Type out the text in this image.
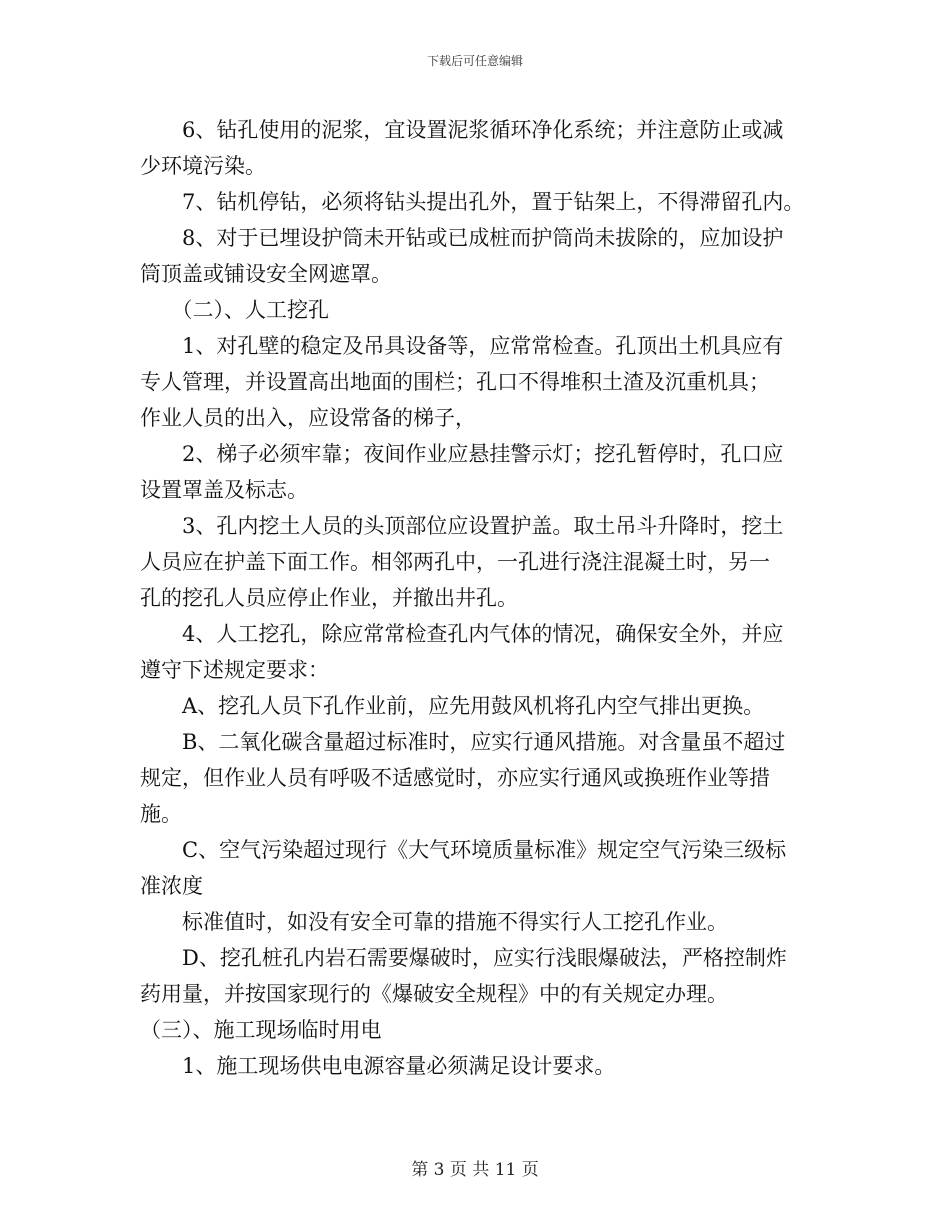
下载后可任意编辑
　　6、钻孔使用的泥浆，宜设置泥浆循环净化系统；并注意防止或减
少环境污染。
　　7、钻机停钻，必须将钻头提出孔外，置于钻架上，不得滞留孔内。
　　8、对于已埋设护筒未开钻或已成桩而护筒尚未拔除的，应加设护
筒顶盖或铺设安全网遮罩。
　　（二）、人工挖孔
　　1、对孔壁的稳定及吊具设备等，应常常检查。孔顶出土机具应有
专人管理，并设置高出地面的围栏；孔口不得堆积土渣及沉重机具；
作业人员的出入，应设常备的梯子，
　　2、梯子必须牢靠；夜间作业应悬挂警示灯；挖孔暂停时，孔口应
设置罩盖及标志。
　　3、孔内挖土人员的头顶部位应设置护盖。取土吊斗升降时，挖土
人员应在护盖下面工作。相邻两孔中，一孔进行浇注混凝土时，另一
孔的挖孔人员应停止作业，并撤出井孔。
　　4、人工挖孔，除应常常检查孔内气体的情况，确保安全外，并应
遵守下述规定要求：
　　A、挖孔人员下孔作业前，应先用鼓风机将孔内空气排出更换。
　　B、二氧化碳含量超过标准时，应实行通风措施。对含量虽不超过
规定，但作业人员有呼吸不适感觉时，亦应实行通风或换班作业等措
施。
　　C、空气污染超过现行《大气环境质量标准》规定空气污染三级标
准浓度
　　标准值时，如没有安全可靠的措施不得实行人工挖孔作业。
　　D、挖孔桩孔内岩石需要爆破时，应实行浅眼爆破法，严格控制炸
药用量，并按国家现行的《爆破安全规程》中的有关规定办理。
（三）、施工现场临时用电
　　1、施工现场供电电源容量必须满足设计要求。
第 3 页 共 11 页
